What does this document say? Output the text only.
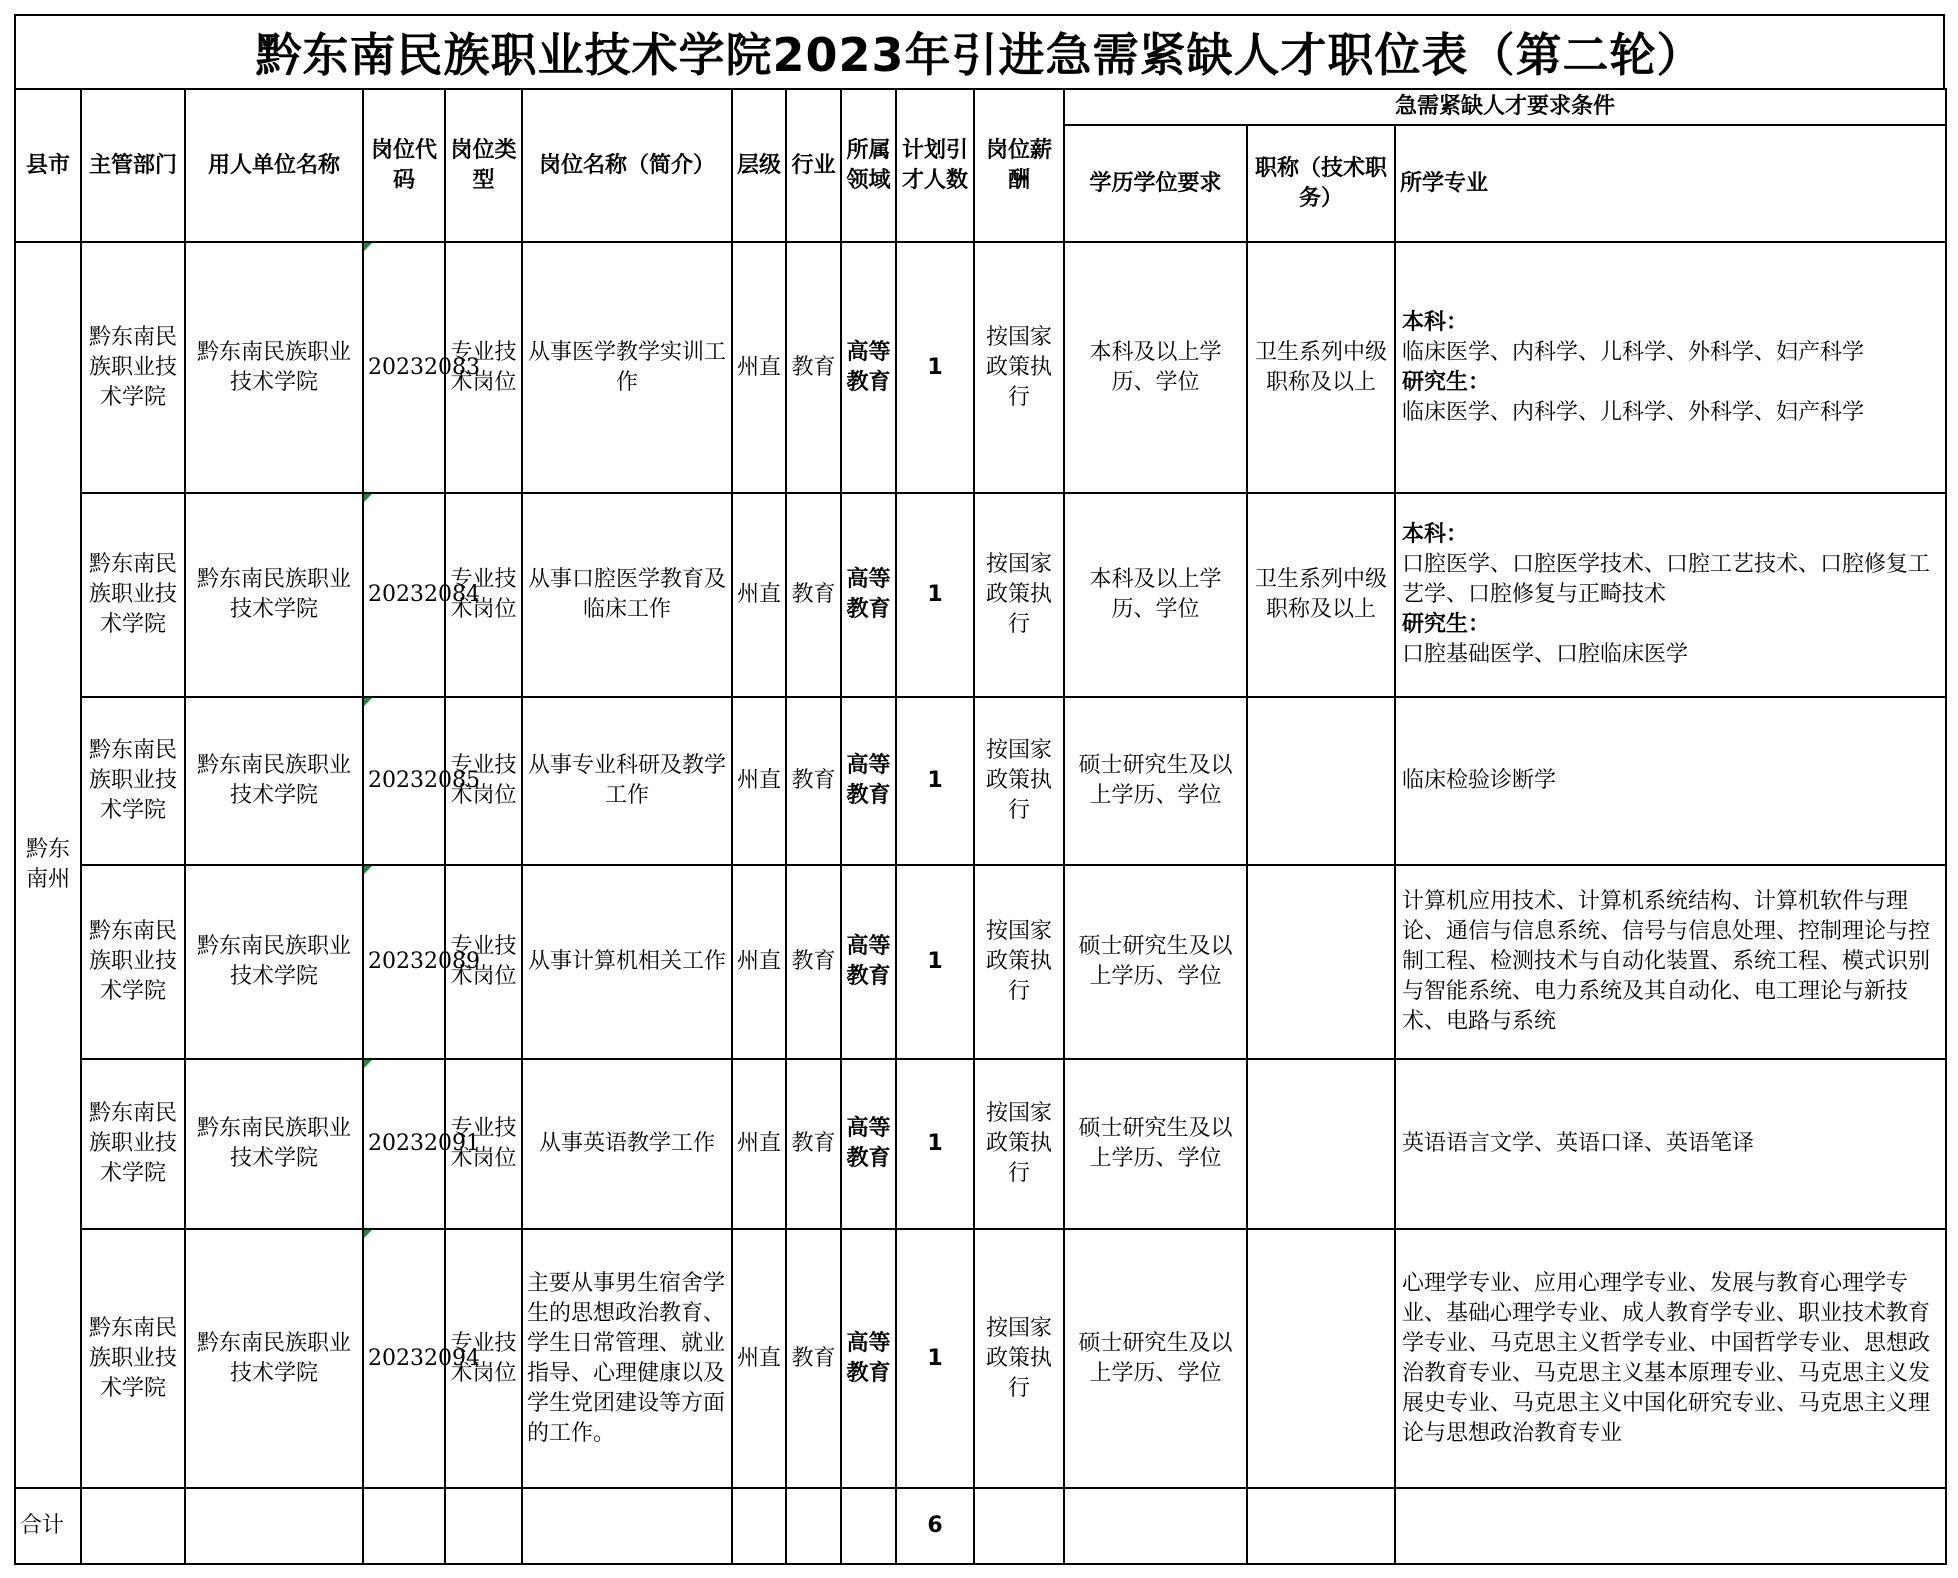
黔东南民族职业技术学院2023年引进急需紧缺人才职位表（第二轮）
县市	主管部门	用人单位名称	岗位代码	岗位类型	岗位名称（简介）	层级	行业	所属领域	计划引才人数	岗位薪酬	急需紧缺人才要求条件		
											学历学位要求	职称（技术职务）	所学专业
黔东南州	黔东南民族职业技术学院	黔东南民族职业技术学院	20232083	专业技术岗位	从事医学教学实训工作	州直	教育	高等教育	1	按国家政策执行	本科及以上学历、学位	卫生系列中级职称及以上	本科：
临床医学、内科学、儿科学、外科学、妇产科学
研究生：
临床医学、内科学、儿科学、外科学、妇产科学

	黔东南民族职业技术学院	黔东南民族职业技术学院	20232084	专业技术岗位	从事口腔医学教育及临床工作	州直	教育	高等教育	1	按国家政策执行	本科及以上学历、学位	卫生系列中级职称及以上	本科：
口腔医学、口腔医学技术、口腔工艺技术、口腔修复工艺学、口腔修复与正畸技术
研究生：
口腔基础医学、口腔临床医学

	黔东南民族职业技术学院	黔东南民族职业技术学院	20232085	专业技术岗位	从事专业科研及教学工作	州直	教育	高等教育	1	按国家政策执行	硕士研究生及以上学历、学位		临床检验诊断学

	黔东南民族职业技术学院	黔东南民族职业技术学院	20232089	专业技术岗位	从事计算机相关工作	州直	教育	高等教育	1	按国家政策执行	硕士研究生及以上学历、学位		计算机应用技术、计算机系统结构、计算机软件与理论、通信与信息系统、信号与信息处理、控制理论与控制工程、检测技术与自动化装置、系统工程、模式识别与智能系统、电力系统及其自动化、电工理论与新技术、电路与系统

	黔东南民族职业技术学院	黔东南民族职业技术学院	20232091	专业技术岗位	从事英语教学工作	州直	教育	高等教育	1	按国家政策执行	硕士研究生及以上学历、学位		英语语言文学、英语口译、英语笔译

	黔东南民族职业技术学院	黔东南民族职业技术学院	20232094	专业技术岗位	主要从事男生宿舍学生的思想政治教育、学生日常管理、就业指导、心理健康以及学生党团建设等方面的工作。	州直	教育	高等教育	1	按国家政策执行	硕士研究生及以上学历、学位		心理学专业、应用心理学专业、发展与教育心理学专业、基础心理学专业、成人教育学专业、职业技术教育学专业、马克思主义哲学专业、中国哲学专业、思想政治教育专业、马克思主义基本原理专业、马克思主义发展史专业、马克思主义中国化研究专业、马克思主义理论与思想政治教育专业

合计									6				
